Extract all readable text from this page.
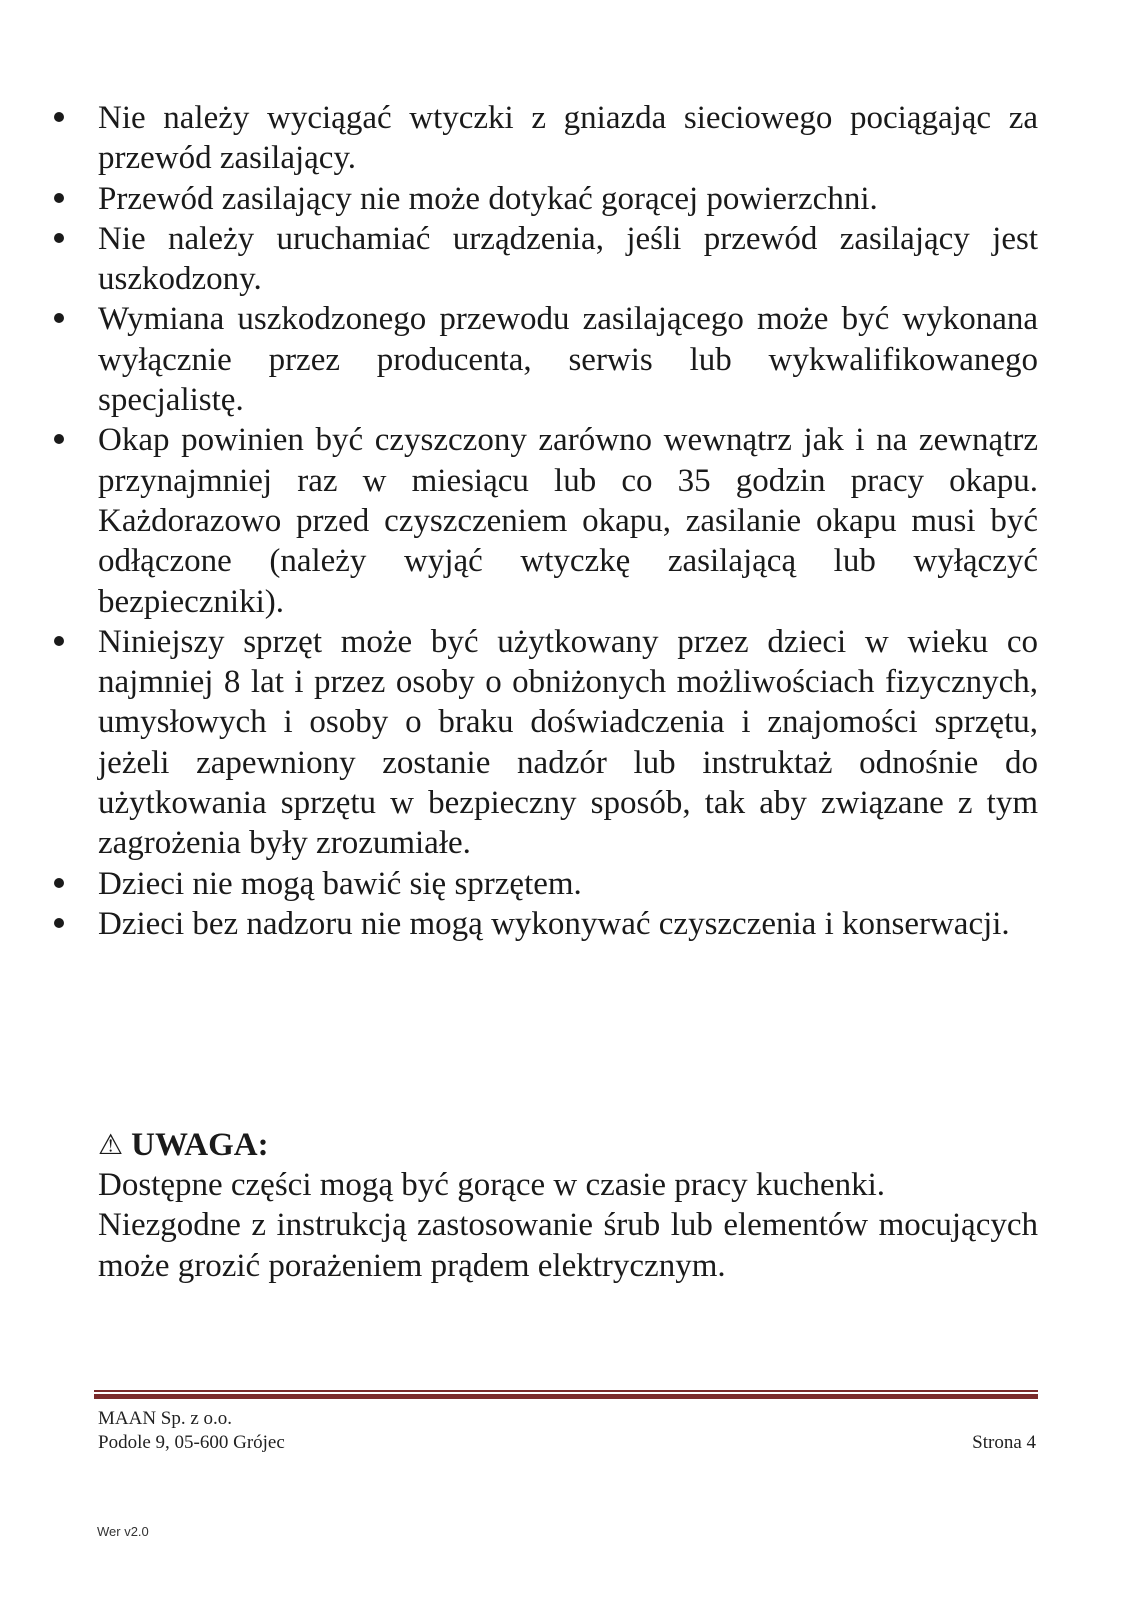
Nie należy wyciągać wtyczki z gniazda sieciowego pociągając za przewód zasilający.
Przewód zasilający nie może dotykać gorącej powierzchni.
Nie należy uruchamiać urządzenia, jeśli przewód zasilający jest uszkodzony.
Wymiana uszkodzonego przewodu zasilającego może być wykonana wyłącznie przez producenta, serwis lub wykwalifikowanego specjalistę.
Okap powinien być czyszczony zarówno wewnątrz jak i na zewnątrz przynajmniej raz w miesiącu lub co 35 godzin pracy okapu. Każdorazowo przed czyszczeniem okapu, zasilanie okapu musi być odłączone (należy wyjąć wtyczkę zasilającą lub wyłączyć bezpieczniki).
Niniejszy sprzęt może być użytkowany przez dzieci w wieku co najmniej 8 lat i przez osoby o obniżonych możliwościach fizycznych, umysłowych i osoby o braku doświadczenia i znajomości sprzętu, jeżeli zapewniony zostanie nadzór lub instruktaż odnośnie do użytkowania sprzętu w bezpieczny sposób, tak aby związane z tym zagrożenia były zrozumiałe.
Dzieci nie mogą bawić się sprzętem.
Dzieci bez nadzoru nie mogą wykonywać czyszczenia i konserwacji.
⚠ UWAGA:
Dostępne części mogą być gorące w czasie pracy kuchenki.
Niezgodne z instrukcją zastosowanie śrub lub elementów mocujących może grozić porażeniem prądem elektrycznym.
MAAN Sp. z o.o.
Podole 9, 05-600 Grójec	Strona 4
Wer v2.0
